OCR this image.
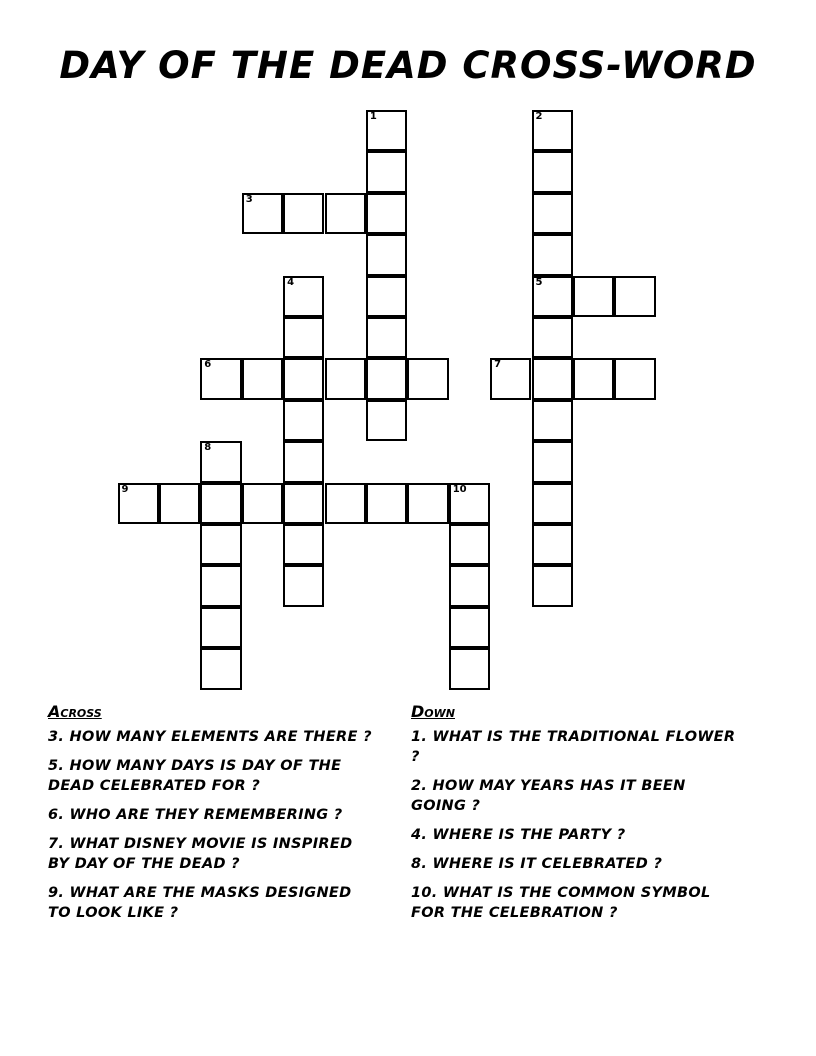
DAY OF THE DEAD CROSS-WORD
1	2
5
3
4
6	7
8
9	10
Across
3. HOW MANY ELEMENTS ARE THERE ?
5. HOW MANY DAYS IS DAY OF THE DEAD CELEBRATED FOR ?
6. WHO ARE THEY REMEMBERING ?
7. WHAT DISNEY MOVIE IS INSPIRED BY DAY OF THE DEAD ?
9. WHAT ARE THE MASKS DESIGNED TO LOOK LIKE ?
Down
1. WHAT IS THE TRADITIONAL FLOWER ?
2. HOW MAY YEARS HAS IT BEEN GOING ?
4. WHERE IS THE PARTY ?
8. WHERE IS IT CELEBRATED ?
10. WHAT IS THE COMMON SYMBOL FOR THE CELEBRATION ?
